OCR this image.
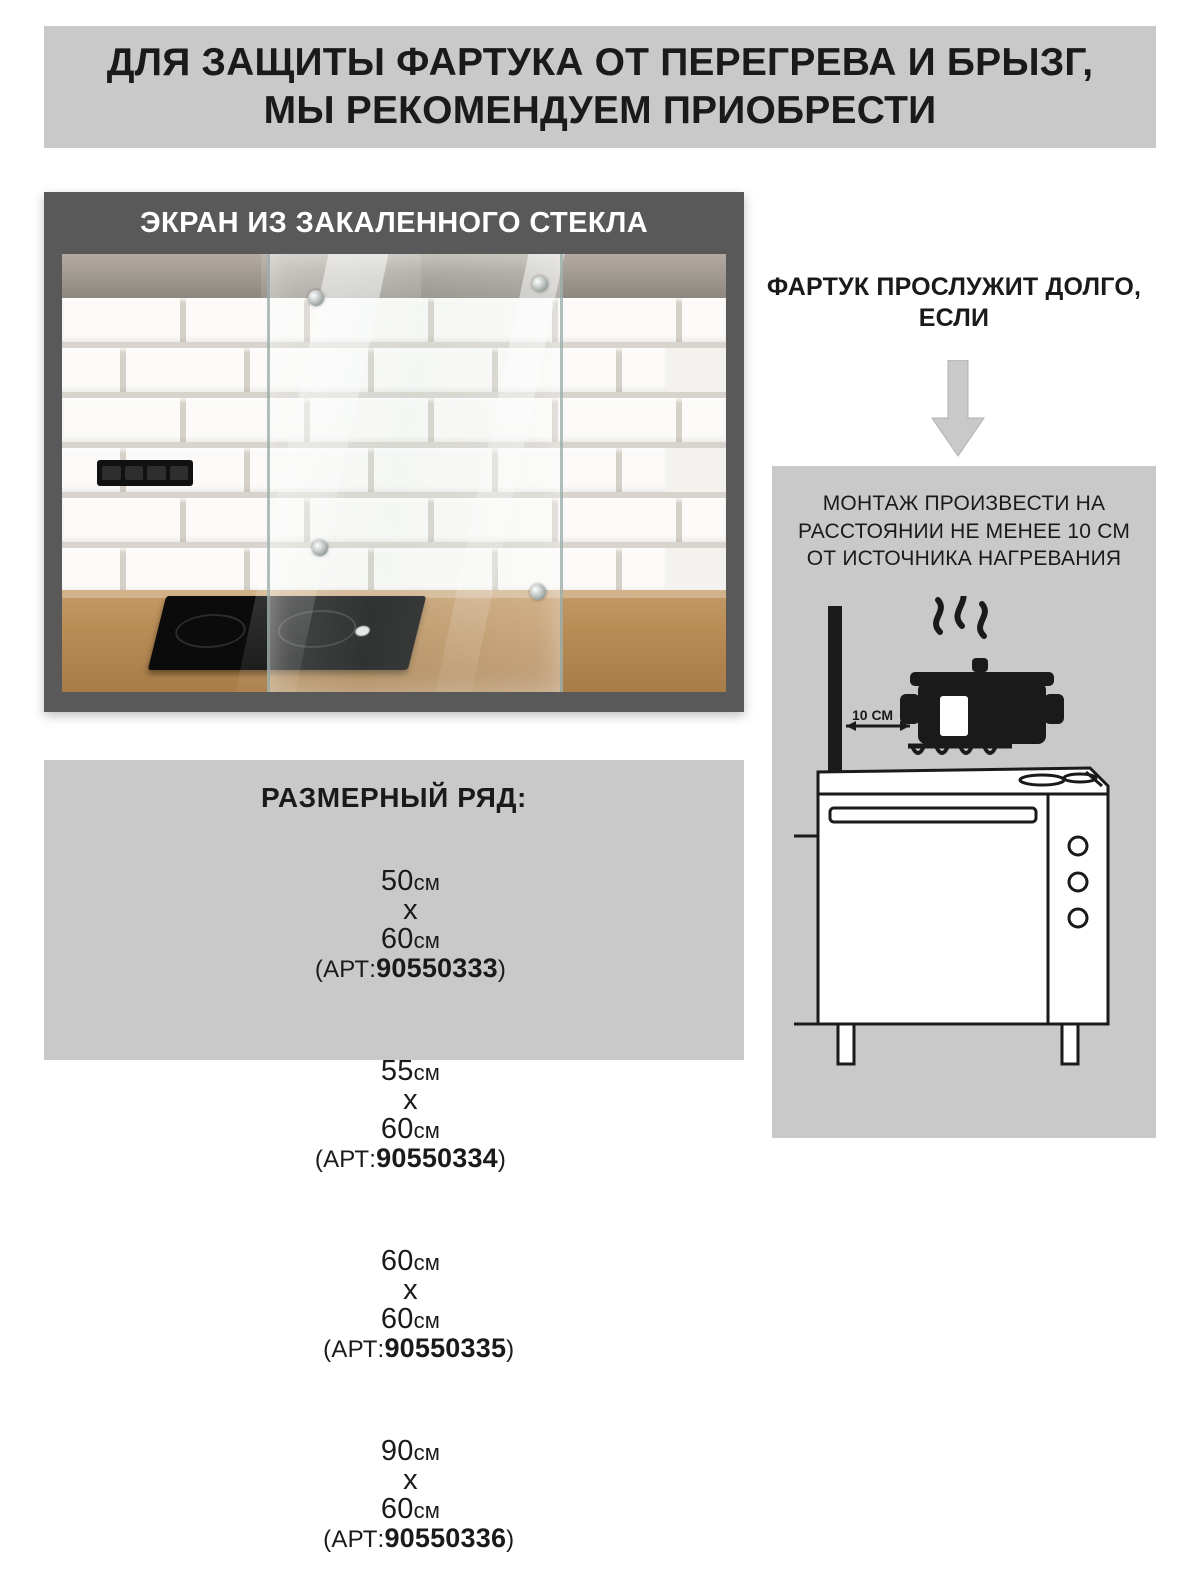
ДЛЯ ЗАЩИТЫ ФАРТУКА ОТ ПЕРЕГРЕВА И БРЫЗГ, МЫ РЕКОМЕНДУЕМ ПРИОБРЕСТИ
ЭКРАН ИЗ ЗАКАЛЕННОГО СТЕКЛА
ФАРТУК ПРОСЛУЖИТ ДОЛГО, ЕСЛИ
МОНТАЖ ПРОИЗВЕСТИ НА РАССТОЯНИИ НЕ МЕНЕЕ 10 СМ ОТ ИСТОЧНИКА НАГРЕВАНИЯ
10 СМ
РАЗМЕРНЫЙ РЯД:

50см
x
60см
(АРТ:90550333)

55см
x
60см
(АРТ:90550334)

60см
x
60см
(АРТ:90550335)

90см
x
60см
(АРТ:90550336)
